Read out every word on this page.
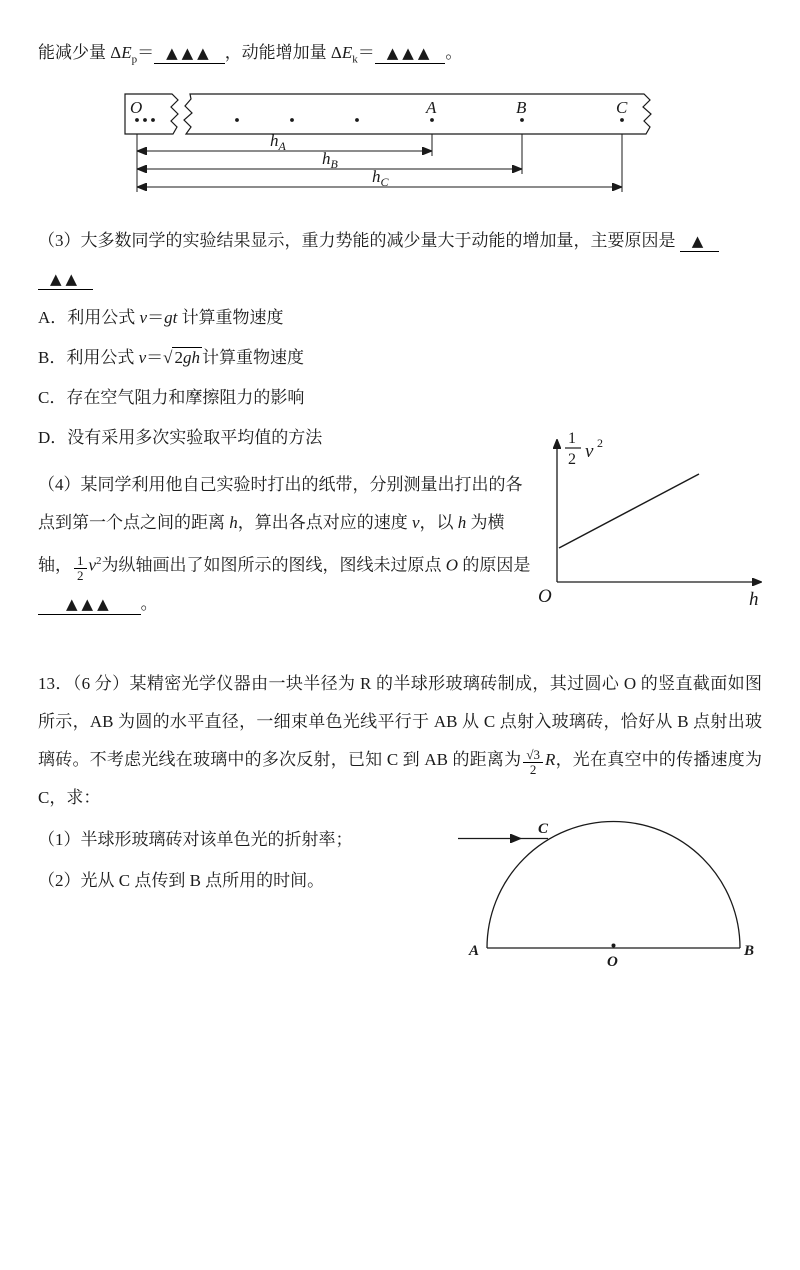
能减少量 $\Delta E_p=$ ▲▲▲ ，动能增加量 $\Delta E_k=$ ▲▲▲ 。

O	A	B	C
$h_A$
$h_B$
$h_C$

（3）大多数同学的实验结果显示，重力势能的减少量大于动能的增加量，主要原因是 ▲
▲▲

A．利用公式 v＝gt 计算重物速度

B．利用公式 v＝√ 2gh 计算重物速度

C．存在空气阻力和摩擦阻力的影响

D．没有采用多次实验取平均值的方法

（4）某同学利用他自己实验时打出的纸带，分别测量出打出的各点到第一个点之间的距离 h，算出各点对应的速度 v，以 h 为横轴， $\frac{1}{2} v^2$为纵轴画出了如图所示的图线，图线未过原点 O 的原因是 ▲▲▲ 。

1
2 v 2
O	h

13．（6 分）某精密光学仪器由一块半径为 R 的半球形玻璃砖制成，其过圆心 O 的竖直截面如图所示，AB 为圆的水平直径，一细束单色光线平行于 AB 从 C 点射入玻璃砖，恰好从 B 点射出玻璃砖。不考虑光线在玻璃中的多次反射，已知 C 到 AB 的距离为 $\frac{√3}{2}$ R，光在真空中的传播速度为 C，求：

（1）半球形玻璃砖对该单色光的折射率；

（2）光从 C 点传到 B 点所用的时间。

C
A
O
B
